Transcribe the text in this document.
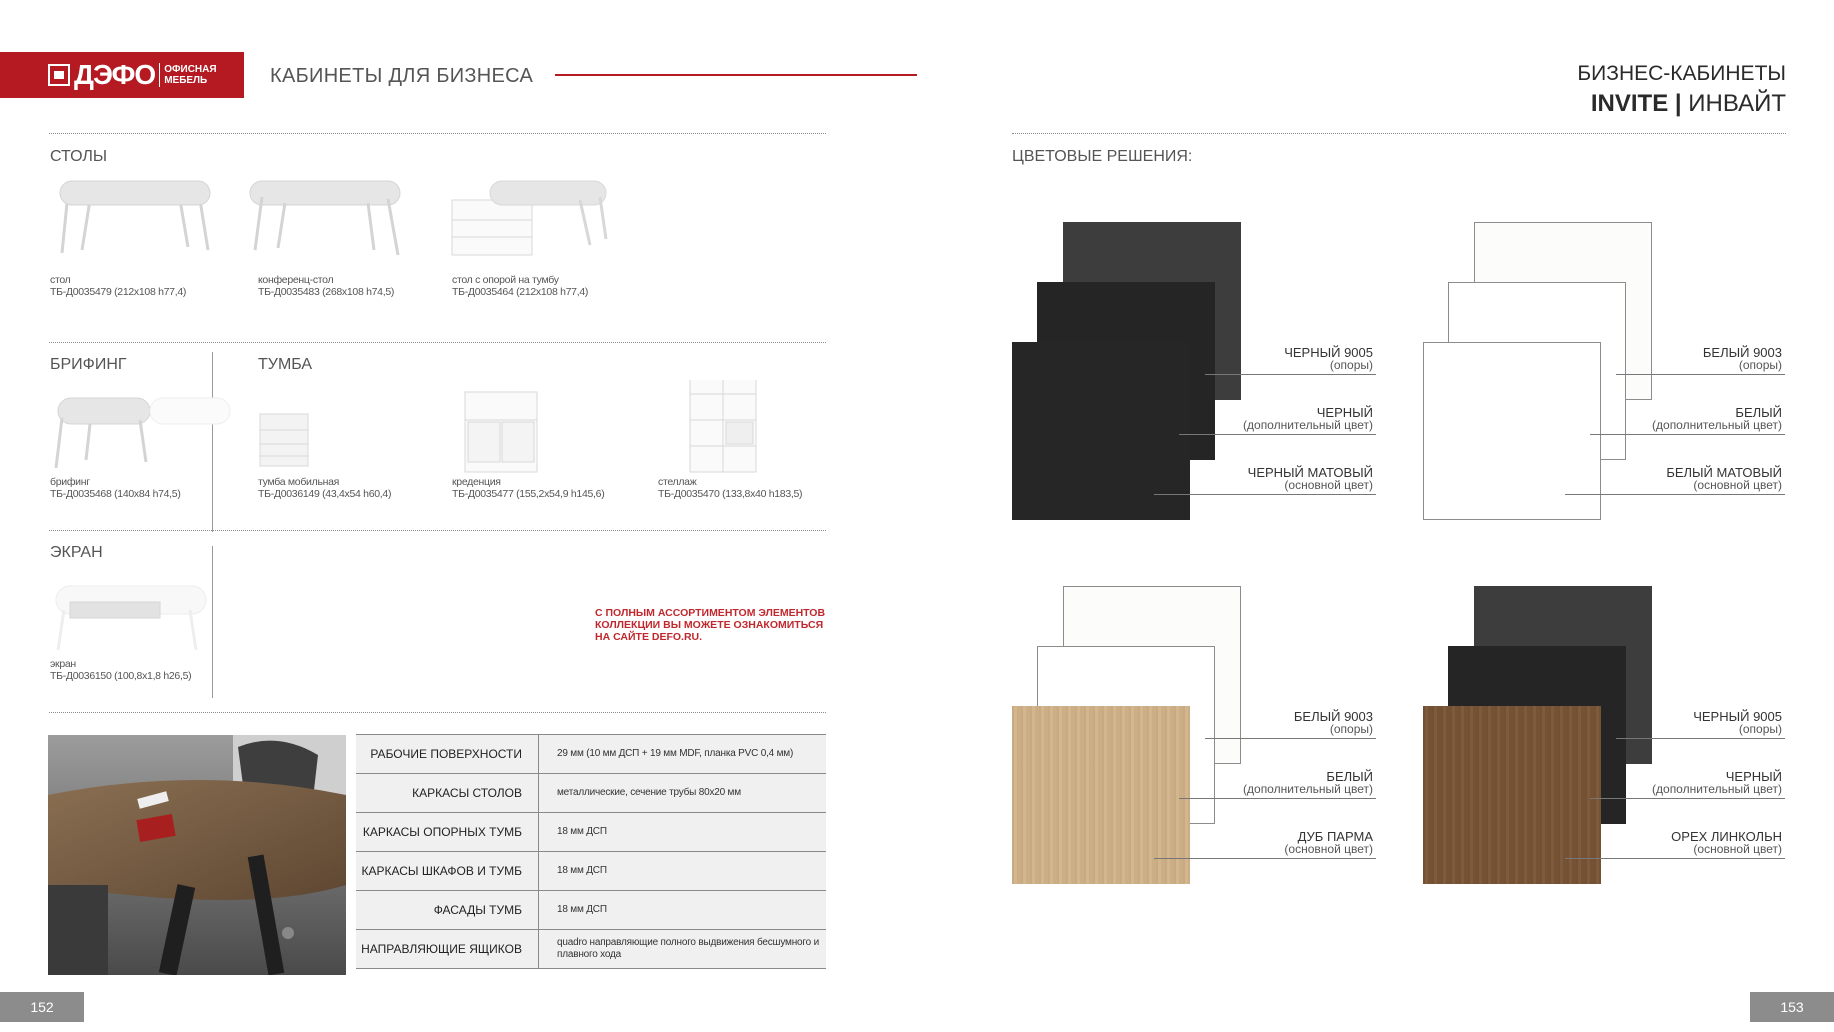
ДЭФО ОФИСНАЯ МЕБЕЛЬ	КАБИНЕТЫ ДЛЯ БИЗНЕСА
СТОЛЫ
стол
ТБ-Д0035479 (212х108 h77,4)
конференц-стол
ТБ-Д0035483 (268х108 h74,5)
стол с опорой на тумбу
ТБ-Д0035464 (212х108 h77,4)
БРИФИНГ	ТУМБА
брифинг
ТБ-Д0035468 (140х84 h74,5)
тумба мобильная
ТБ-Д0036149 (43,4х54 h60,4)
креденция
ТБ-Д0035477 (155,2х54,9 h145,6)
стеллаж
ТБ-Д0035470 (133,8х40 h183,5)
ЭКРАН
экран
ТБ-Д0036150 (100,8х1,8 h26,5)
С ПОЛНЫМ АССОРТИМЕНТОМ ЭЛЕМЕНТОВ
КОЛЛЕКЦИИ ВЫ МОЖЕТЕ ОЗНАКОМИТЬСЯ
НА САЙТЕ DEFO.RU.
РАБОЧИЕ ПОВЕРХНОСТИ	29 мм (10 мм ДСП + 19 мм MDF, планка PVC 0,4 мм)
КАРКАСЫ СТОЛОВ	металлические, сечение трубы 80х20 мм
КАРКАСЫ ОПОРНЫХ ТУМБ	18 мм ДСП
КАРКАСЫ ШКАФОВ И ТУМБ	18 мм ДСП
ФАСАДЫ ТУМБ	18 мм ДСП
НАПРАВЛЯЮЩИЕ ЯЩИКОВ	quadro направляющие полного выдвижения бесшумного и плавного хода
152
БИЗНЕС-КАБИНЕТЫ
INVITE | ИНВАЙТ
ЦВЕТОВЫЕ РЕШЕНИЯ:
ЧЕРНЫЙ 9005
(опоры)
ЧЕРНЫЙ
(дополнительный цвет)
ЧЕРНЫЙ МАТОВЫЙ
(основной цвет)
БЕЛЫЙ 9003
(опоры)
БЕЛЫЙ
(дополнительный цвет)
БЕЛЫЙ МАТОВЫЙ
(основной цвет)
БЕЛЫЙ 9003
(опоры)
БЕЛЫЙ
(дополнительный цвет)
ДУБ ПАРМА
(основной цвет)
ЧЕРНЫЙ 9005
(опоры)
ЧЕРНЫЙ
(дополнительный цвет)
ОРЕХ ЛИНКОЛЬН
(основной цвет)
153
